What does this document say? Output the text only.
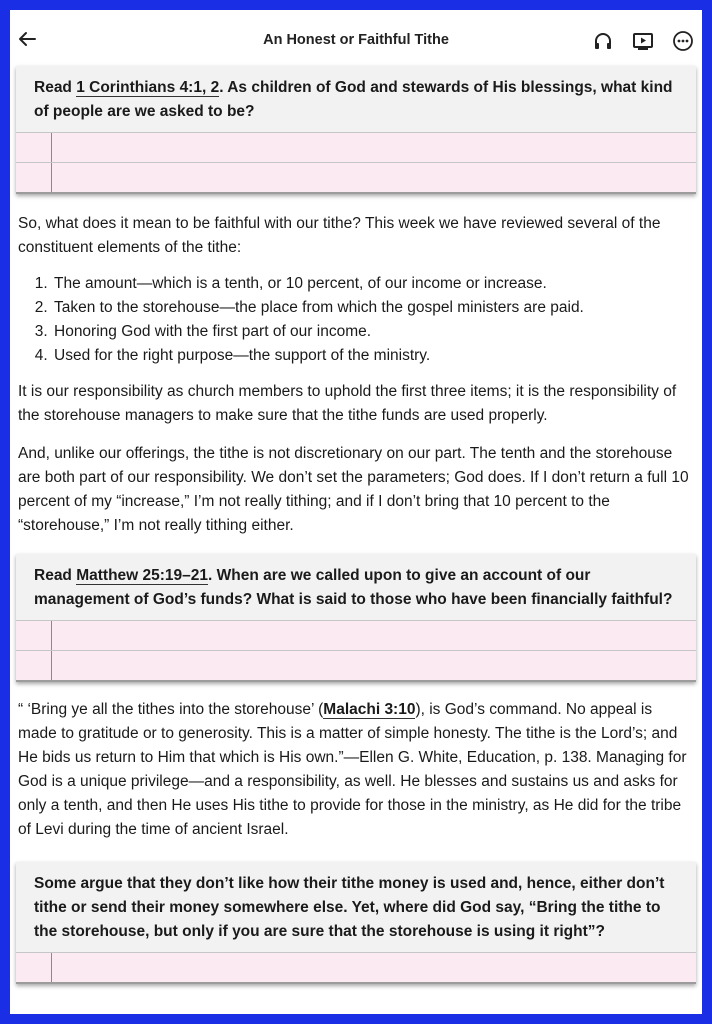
An Honest or Faithful Tithe
Read 1 Corinthians 4:1, 2. As children of God and stewards of His blessings, what kind of people are we asked to be?

So, what does it mean to be faithful with our tithe? This week we have reviewed several of the constituent elements of the tithe:

1. The amount—which is a tenth, or 10 percent, of our income or increase.
2. Taken to the storehouse—the place from which the gospel ministers are paid.
3. Honoring God with the first part of our income.
4. Used for the right purpose—the support of the ministry.

It is our responsibility as church members to uphold the first three items; it is the responsibility of the storehouse managers to make sure that the tithe funds are used properly.

And, unlike our offerings, the tithe is not discretionary on our part. The tenth and the storehouse are both part of our responsibility. We don’t set the parameters; God does. If I don’t return a full 10 percent of my “increase,” I’m not really tithing; and if I don’t bring that 10 percent to the “storehouse,” I’m not really tithing either.

Read Matthew 25:19–21. When are we called upon to give an account of our management of God’s funds? What is said to those who have been financially faithful?

“ ‘Bring ye all the tithes into the storehouse’ (Malachi 3:10), is God’s command. No appeal is made to gratitude or to generosity. This is a matter of simple honesty. The tithe is the Lord’s; and He bids us return to Him that which is His own.”—Ellen G. White, Education, p. 138. Managing for God is a unique privilege—and a responsibility, as well. He blesses and sustains us and asks for only a tenth, and then He uses His tithe to provide for those in the ministry, as He did for the tribe of Levi during the time of ancient Israel.

Some argue that they don’t like how their tithe money is used and, hence, either don’t tithe or send their money somewhere else. Yet, where did God say, “Bring the tithe to the storehouse, but only if you are sure that the storehouse is using it right”?
